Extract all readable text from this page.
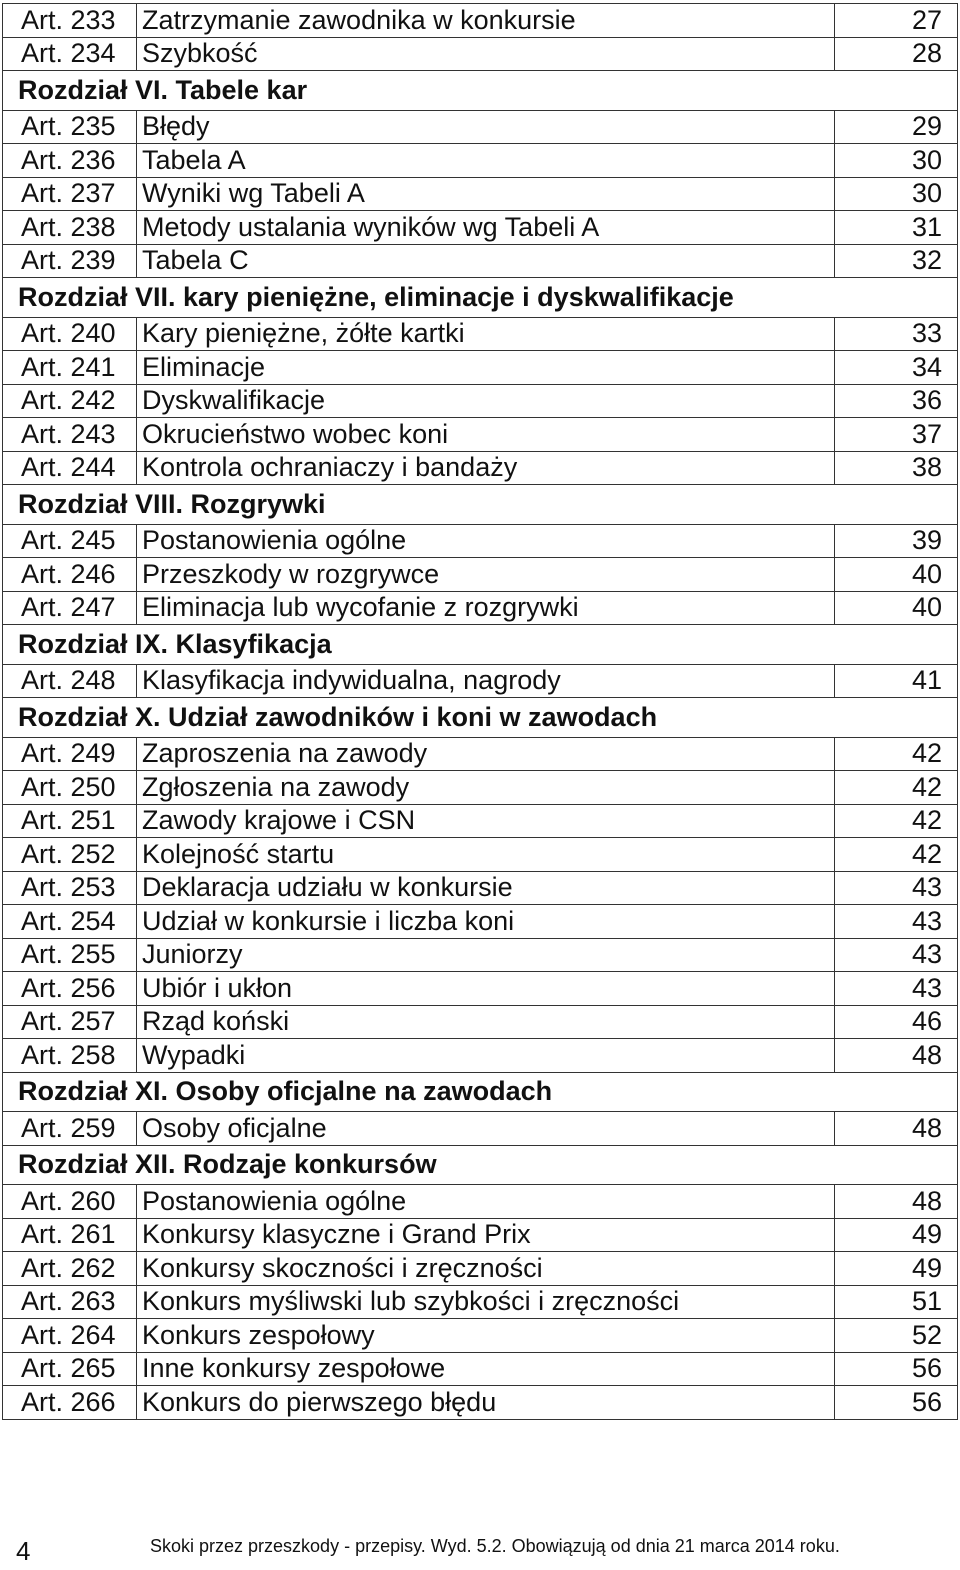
Art. 233	Zatrzymanie zawodnika w konkursie	27
Art. 234	Szybkość	28
Rozdział VI. Tabele kar		
Art. 235	Błędy	29
Art. 236	Tabela A	30
Art. 237	Wyniki wg Tabeli A	30
Art. 238	Metody ustalania wyników wg Tabeli A	31
Art. 239	Tabela C	32
Rozdział VII. kary pieniężne, eliminacje i dyskwalifikacje		
Art. 240	Kary pieniężne, żółte kartki	33
Art. 241	Eliminacje	34
Art. 242	Dyskwalifikacje	36
Art. 243	Okrucieństwo wobec koni	37
Art. 244	Kontrola ochraniaczy i bandaży	38
Rozdział VIII. Rozgrywki		
Art. 245	Postanowienia ogólne	39
Art. 246	Przeszkody w rozgrywce	40
Art. 247	Eliminacja lub wycofanie z rozgrywki	40
Rozdział IX. Klasyfikacja		
Art. 248	Klasyfikacja indywidualna, nagrody	41
Rozdział X. Udział zawodników i koni w zawodach		
Art. 249	Zaproszenia na zawody	42
Art. 250	Zgłoszenia na zawody	42
Art. 251	Zawody krajowe i CSN	42
Art. 252	Kolejność startu	42
Art. 253	Deklaracja udziału w konkursie	43
Art. 254	Udział w konkursie i liczba koni	43
Art. 255	Juniorzy	43
Art. 256	Ubiór i ukłon	43
Art. 257	Rząd koński	46
Art. 258	Wypadki	48
Rozdział XI. Osoby oficjalne na zawodach		
Art. 259	Osoby oficjalne	48
Rozdział XII. Rodzaje konkursów		
Art. 260	Postanowienia ogólne	48
Art. 261	Konkursy klasyczne i Grand Prix	49
Art. 262	Konkursy skoczności i zręczności	49
Art. 263	Konkurs myśliwski lub szybkości i zręczności	51
Art. 264	Konkurs zespołowy	52
Art. 265	Inne konkursy zespołowe	56
Art. 266	Konkurs do pierwszego błędu	56
4	Skoki przez przeszkody - przepisy. Wyd. 5.2. Obowiązują od dnia 21 marca 2014 roku.
